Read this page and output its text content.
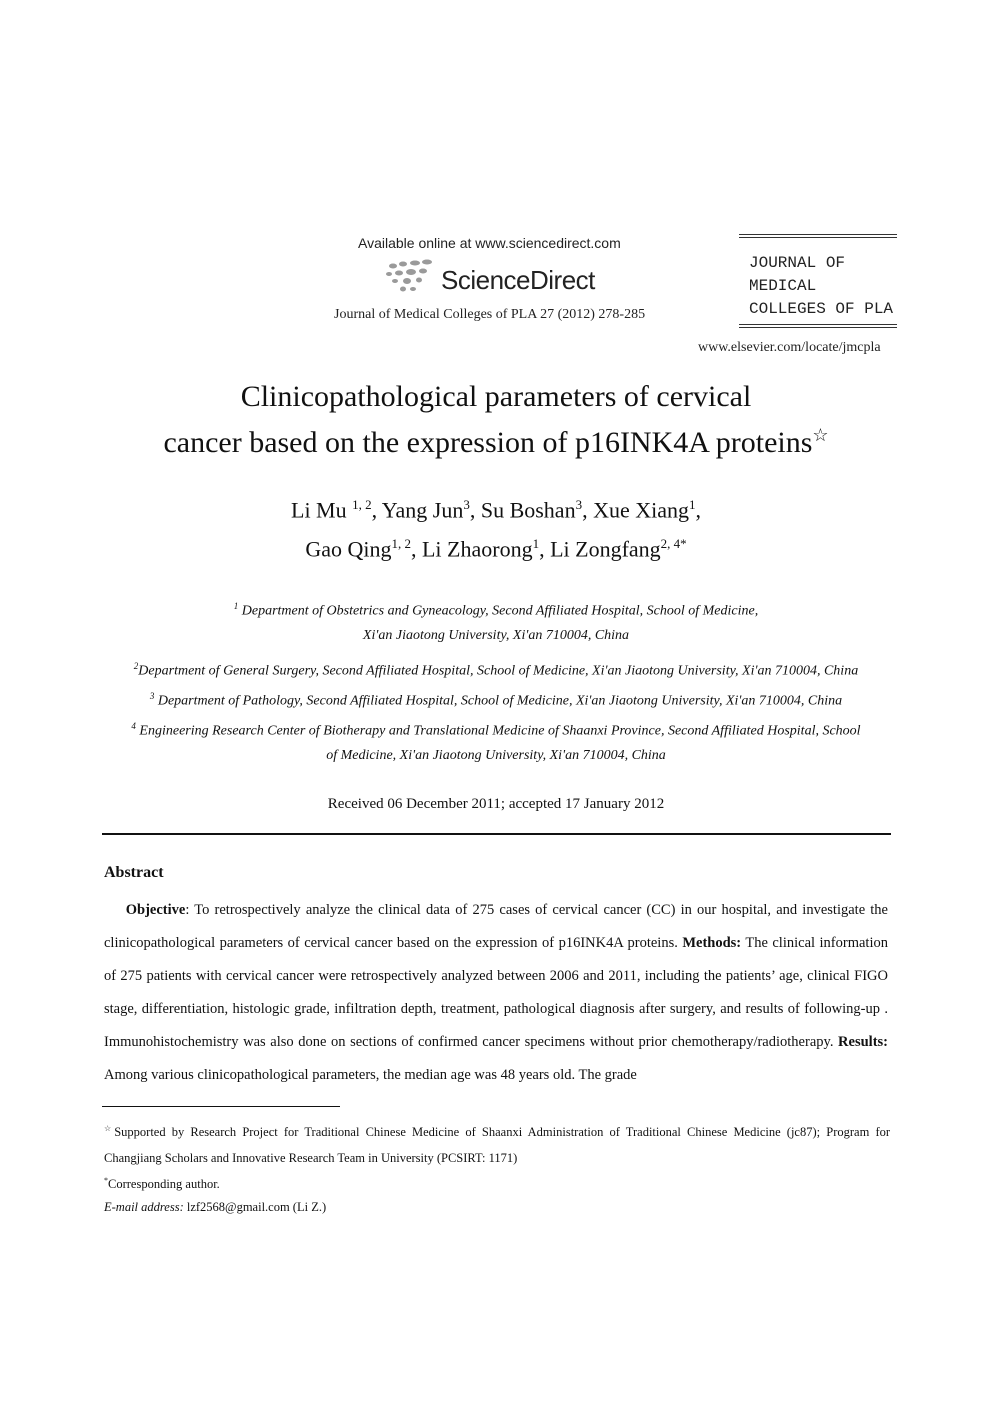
Available online at www.sciencedirect.com
ScienceDirect
Journal of Medical Colleges of PLA 27 (2012) 278-285
JOURNAL OF
MEDICAL
COLLEGES OF PLA
www.elsevier.com/locate/jmcpla
Clinicopathological parameters of cervical
cancer based on the expression of p16INK4A proteins☆
Li Mu $^{1, 2}$, Yang Jun$^3$, Su Boshan$^3$, Xue Xiang$^1$,
Gao Qing$^{1, 2}$, Li Zhaorong$^1$, Li Zongfang$^{2, 4*}$
$^1$ Department of Obstetrics and Gyneacology, Second Affiliated Hospital, School of Medicine,
Xi'an Jiaotong University, Xi'an 710004, China
$^2$Department of General Surgery, Second Affiliated Hospital, School of Medicine, Xi'an Jiaotong University, Xi'an 710004, China
$^3$ Department of Pathology, Second Affiliated Hospital, School of Medicine, Xi'an Jiaotong University, Xi'an 710004, China
$^4$ Engineering Research Center of Biotherapy and Translational Medicine of Shaanxi Province, Second Affiliated Hospital, School
of Medicine, Xi'an Jiaotong University, Xi'an 710004, China
Received 06 December 2011; accepted 17 January 2012
Abstract
  Objective: To retrospectively analyze the clinical data of 275 cases of cervical cancer (CC) in our hospital, and investigate the clinicopathological parameters of cervical cancer based on the expression of p16INK4A proteins. Methods: The clinical information of 275 patients with cervical cancer were retrospectively analyzed between 2006 and 2011, including the patients’ age, clinical FIGO stage, differentiation, histologic grade, infiltration depth, treatment, pathological diagnosis after surgery, and results of following-up . Immunohistochemistry was also done on sections of confirmed cancer specimens without prior chemotherapy/radiotherapy. Results: Among various clinicopathological parameters, the median age was 48 years old. The grade
☆Supported by Research Project for Traditional Chinese Medicine of Shaanxi Administration of Traditional Chinese Medicine (jc87); Program for Changjiang Scholars and Innovative Research Team in University (PCSIRT: 1171)
*Corresponding author.
E-mail address: lzf2568@gmail.com (Li Z.)
